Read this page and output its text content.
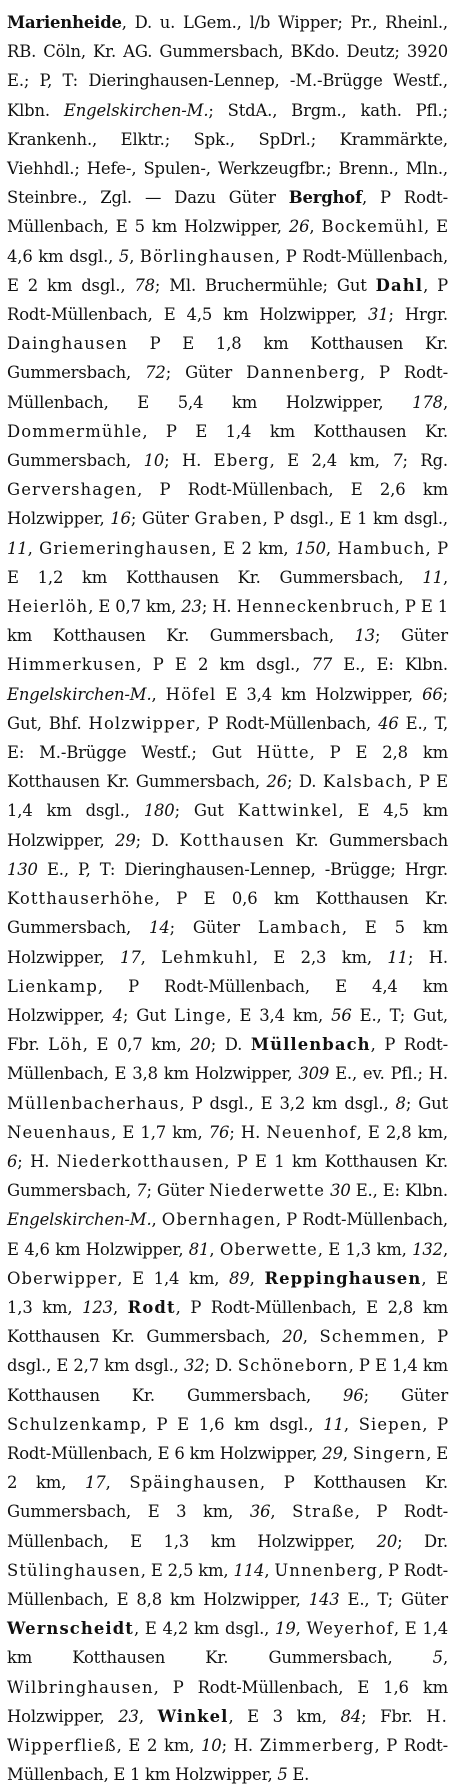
Marienheide, D. u. LGem., l/b Wipper; Pr., Rheinl., RB. Cöln, Kr. AG. Gummersbach, BKdo. Deutz; 3920 E.; P, T: Dieringhausen-Lennep, -M.-Brügge Westf., Klbn. Engelskirchen-M.; StdA., Brgm., kath. Pfl.; Krankenh., Elktr.; Spk., SpDrl.; Krammärkte, Viehhdl.; Hefe-, Spulen-, Werkzeugfbr.; Brenn., Mln., Steinbre., Zgl. — Dazu Güter Berghof, P Rodt-Müllenbach, E 5 km Holzwipper, 26, Bockemühl, E 4,6 km dsgl., 5, Börlinghausen, P Rodt-Müllenbach, E 2 km dsgl., 78; Ml. Bruchermühle; Gut Dahl, P Rodt-Müllenbach, E 4,5 km Holzwipper, 31; Hrgr. Dainghausen P E 1,8 km Kotthausen Kr. Gummersbach, 72; Güter Dannenberg, P Rodt-Müllenbach, E 5,4 km Holzwipper, 178, Dommermühle, P E 1,4 km Kotthausen Kr. Gummersbach, 10; H. Eberg, E 2,4 km, 7; Rg. Gervershagen, P Rodt-Müllenbach, E 2,6 km Holzwipper, 16; Güter Graben, P dsgl., E 1 km dsgl., 11, Griemeringhausen, E 2 km, 150, Hambuch, P E 1,2 km Kotthausen Kr. Gummersbach, 11, Heierlöh, E 0,7 km, 23; H. Henneckenbruch, P E 1 km Kotthausen Kr. Gummersbach, 13; Güter Himmerkusen, P E 2 km dsgl., 77 E., E: Klbn. Engelskirchen-M., Höfel E 3,4 km Holzwipper, 66; Gut, Bhf. Holzwipper, P Rodt-Müllenbach, 46 E., T, E: M.-Brügge Westf.; Gut Hütte, P E 2,8 km Kotthausen Kr. Gummersbach, 26; D. Kalsbach, P E 1,4 km dsgl., 180; Gut Kattwinkel, E 4,5 km Holzwipper, 29; D. Kotthausen Kr. Gummersbach 130 E., P, T: Dieringhausen-Lennep, -Brügge; Hrgr. Kotthauserhöhe, P E 0,6 km Kotthausen Kr. Gummersbach, 14; Güter Lambach, E 5 km Holzwipper, 17, Lehmkuhl, E 2,3 km, 11; H. Lienkamp, P Rodt-Müllenbach, E 4,4 km Holzwipper, 4; Gut Linge, E 3,4 km, 56 E., T; Gut, Fbr. Löh, E 0,7 km, 20; D. Müllenbach, P Rodt-Müllenbach, E 3,8 km Holzwipper, 309 E., ev. Pfl.; H. Müllenbacherhaus, P dsgl., E 3,2 km dsgl., 8; Gut Neuenhaus, E 1,7 km, 76; H. Neuenhof, E 2,8 km, 6; H. Niederkotthausen, P E 1 km Kotthausen Kr. Gummersbach, 7; Güter Niederwette 30 E., E: Klbn. Engelskirchen-M., Obernhagen, P Rodt-Müllenbach, E 4,6 km Holzwipper, 81, Oberwette, E 1,3 km, 132, Oberwipper, E 1,4 km, 89, Reppinghausen, E 1,3 km, 123, Rodt, P Rodt-Müllenbach, E 2,8 km Kotthausen Kr. Gummersbach, 20, Schemmen, P dsgl., E 2,7 km dsgl., 32; D. Schöneborn, P E 1,4 km Kotthausen Kr. Gummersbach, 96; Güter Schulzenkamp, P E 1,6 km dsgl., 11, Siepen, P Rodt-Müllenbach, E 6 km Holzwipper, 29, Singern, E 2 km, 17, Späinghausen, P Kotthausen Kr. Gummersbach, E 3 km, 36, Straße, P Rodt-Müllenbach, E 1,3 km Holzwipper, 20; Dr. Stülinghausen, E 2,5 km, 114, Unnenberg, P Rodt-Müllenbach, E 8,8 km Holzwipper, 143 E., T; Güter Wernscheidt, E 4,2 km dsgl., 19, Weyerhof, E 1,4 km Kotthausen Kr. Gummersbach, 5, Wilbringhausen, P Rodt-Müllenbach, E 1,6 km Holzwipper, 23, Winkel, E 3 km, 84; Fbr. H. Wipperfließ, E 2 km, 10; H. Zimmerberg, P Rodt-Müllenbach, E 1 km Holzwipper, 5 E.
